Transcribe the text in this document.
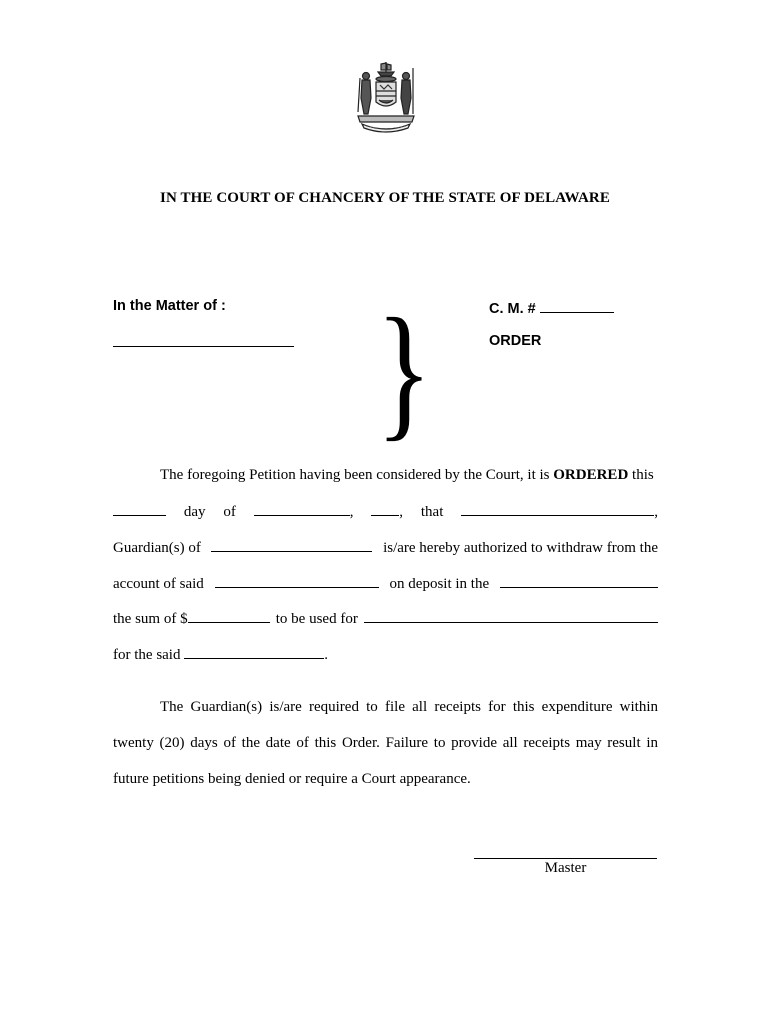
IN THE COURT OF CHANCERY OF THE STATE OF DELAWARE
In the Matter of : }	C. M. #
ORDER
The foregoing Petition having been considered by the Court, it is ORDERED this
day of	,	, that	,
Guardian(s) of	is/are hereby authorized to withdraw from the
account of said	on deposit in the
the sum of $	to be used for
for the said	.
The Guardian(s) is/are required to file all receipts for this expenditure within
twenty (20) days of the date of this Order. Failure to provide all receipts may result in
future petitions being denied or require a Court appearance.
Master
